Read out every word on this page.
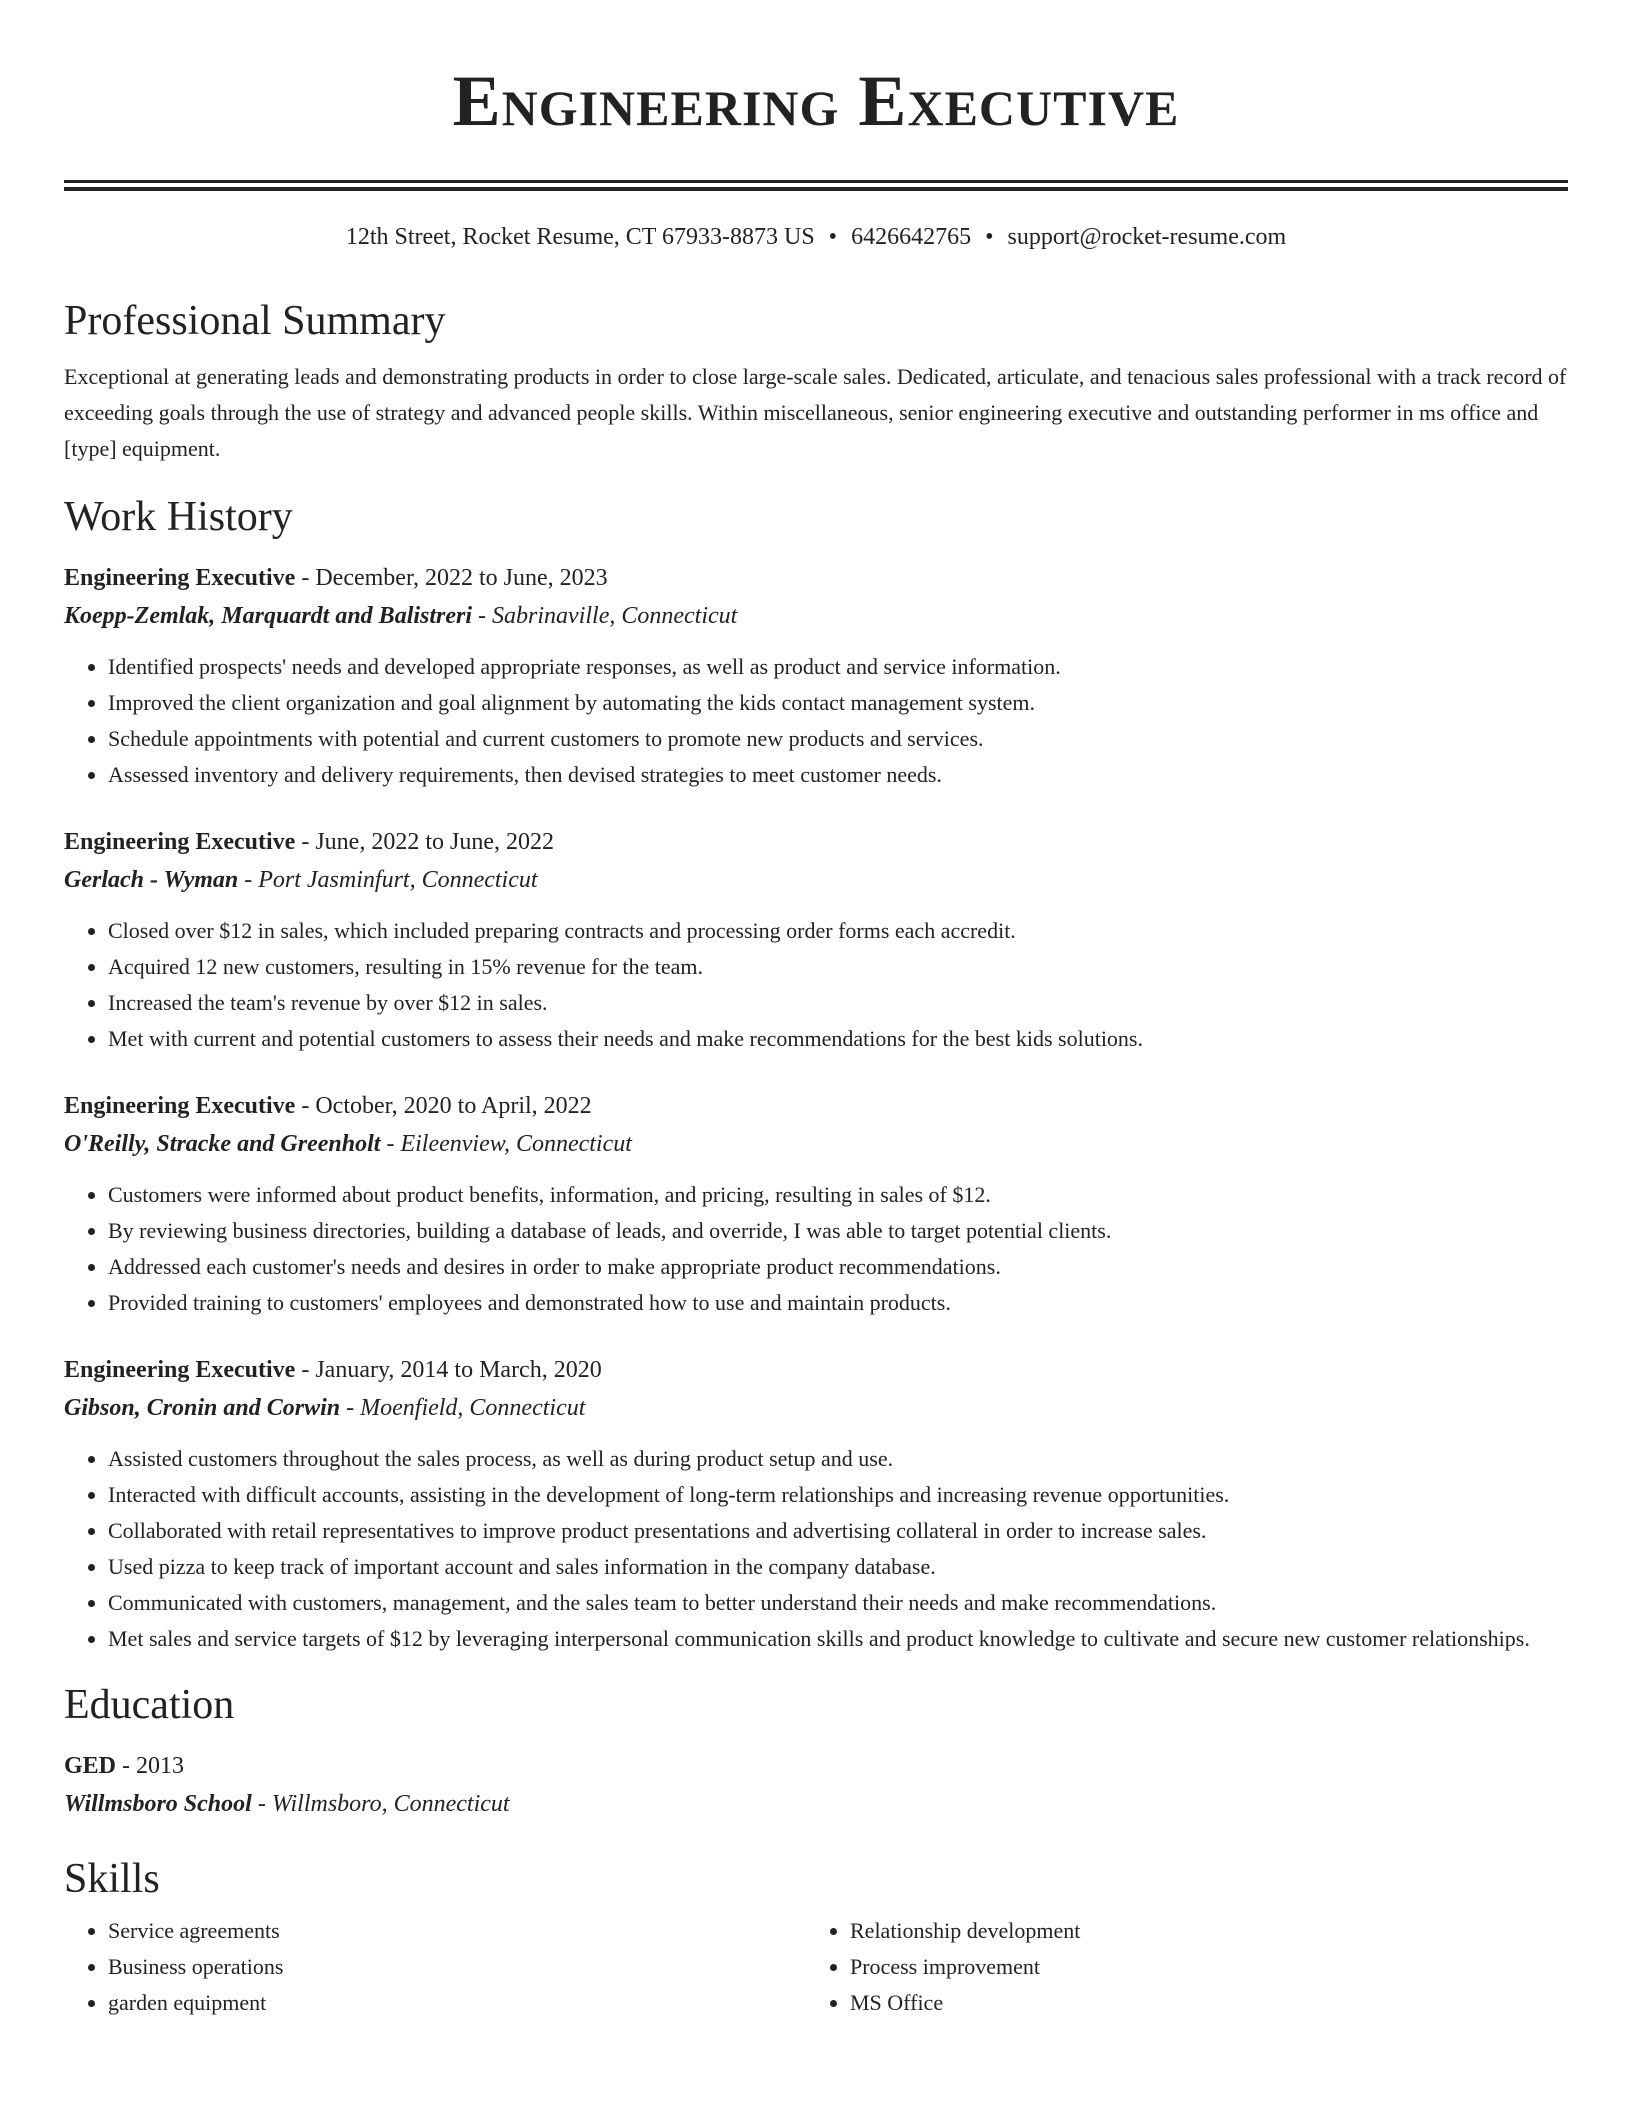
Engineering Executive
12th Street, Rocket Resume, CT 67933-8873 US • 6426642765 • support@rocket-resume.com
Professional Summary

Exceptional at generating leads and demonstrating products in order to close large-scale sales. Dedicated, articulate, and tenacious sales professional with a track record of exceeding goals through the use of strategy and advanced people skills. Within miscellaneous, senior engineering executive and outstanding performer in ms office and [type] equipment.

Work History
Engineering Executive - December, 2022 to June, 2023
Koepp-Zemlak, Marquardt and Balistreri - Sabrinaville, Connecticut
• Identified prospects' needs and developed appropriate responses, as well as product and service information.
• Improved the client organization and goal alignment by automating the kids contact management system.
• Schedule appointments with potential and current customers to promote new products and services.
• Assessed inventory and delivery requirements, then devised strategies to meet customer needs.
Engineering Executive - June, 2022 to June, 2022
Gerlach - Wyman - Port Jasminfurt, Connecticut
• Closed over $12 in sales, which included preparing contracts and processing order forms each accredit.
• Acquired 12 new customers, resulting in 15% revenue for the team.
• Increased the team's revenue by over $12 in sales.
• Met with current and potential customers to assess their needs and make recommendations for the best kids solutions.
Engineering Executive - October, 2020 to April, 2022
O'Reilly, Stracke and Greenholt - Eileenview, Connecticut
• Customers were informed about product benefits, information, and pricing, resulting in sales of $12.
• By reviewing business directories, building a database of leads, and override, I was able to target potential clients.
• Addressed each customer's needs and desires in order to make appropriate product recommendations.
• Provided training to customers' employees and demonstrated how to use and maintain products.
Engineering Executive - January, 2014 to March, 2020
Gibson, Cronin and Corwin - Moenfield, Connecticut
• Assisted customers throughout the sales process, as well as during product setup and use.
• Interacted with difficult accounts, assisting in the development of long-term relationships and increasing revenue opportunities.
• Collaborated with retail representatives to improve product presentations and advertising collateral in order to increase sales.
• Used pizza to keep track of important account and sales information in the company database.
• Communicated with customers, management, and the sales team to better understand their needs and make recommendations.
• Met sales and service targets of $12 by leveraging interpersonal communication skills and product knowledge to cultivate and secure new customer relationships.
Education
GED - 2013
Willmsboro School - Willmsboro, Connecticut
Skills
• Service agreements
• Business operations
• garden equipment
• Relationship development
• Process improvement
• MS Office
